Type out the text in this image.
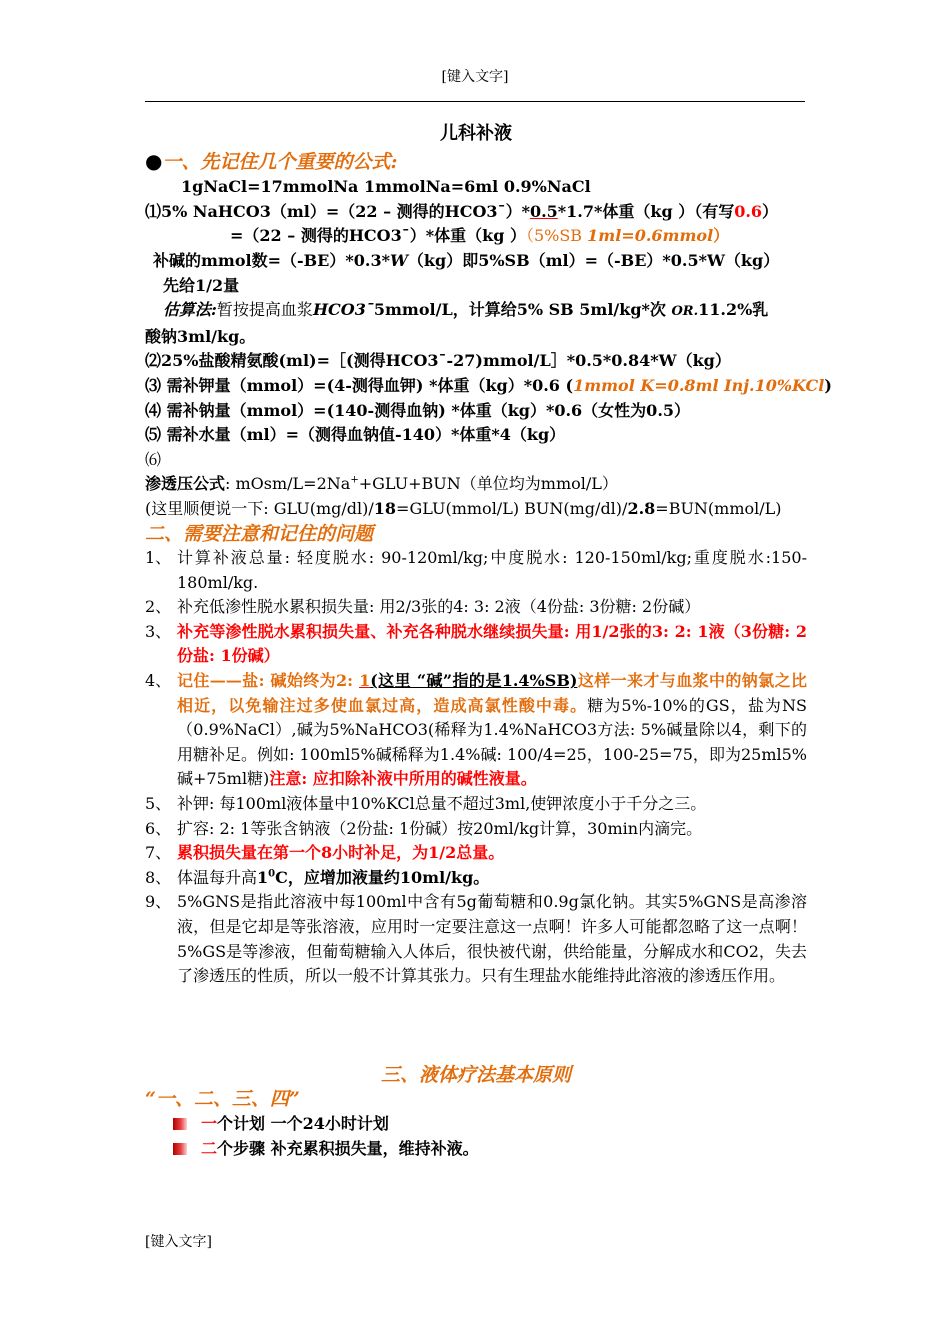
[键入文字]
儿科补液
●一、先记住几个重要的公式:
1gNaCl=17mmolNa 1mmolNa=6ml 0.9%NaCl
⑴5% NaHCO3（ml）=（22 – 测得的HCO3ˉ）*0.5*1.7*体重（kg ）（有写0.6）
=（22 – 测得的HCO3ˉ）*体重（kg ）（5%SB 1ml=0.6mmol）
补碱的mmol数=（-BE）*0.3*W（kg）即5%SB（ml）=（-BE）*0.5*W（kg）
先给1/2量
估算法:暂按提高血浆HCO3ˉ5mmol/L，计算给5% SB 5ml/kg*次 OR.11.2%乳
酸钠3ml/kg。
⑵25%盐酸精氨酸(ml)=［(测得HCO3ˉ-27)mmol/L］*0.5*0.84*W（kg）
⑶ 需补钾量（mmol）=(4-测得血钾) *体重（kg）*0.6 (1mmol K=0.8ml Inj.10%KCl)
⑷ 需补钠量（mmol）=(140-测得血钠) *体重（kg）*0.6（女性为0.5）
⑸ 需补水量（ml）=（测得血钠值-140）*体重*4（kg）
⑹
渗透压公式: mOsm/L=2Na++GLU+BUN（单位均为mmol/L）
(这里顺便说一下: GLU(mg/dl)/18=GLU(mmol/L) BUN(mg/dl)/2.8=BUN(mmol/L)
二、需要注意和记住的问题
1、 计算补液总量: 轻度脱水: 90-120ml/kg;中度脱水: 120-150ml/kg;重度脱水:150- 180ml/kg.
2、 补充低渗性脱水累积损失量: 用2/3张的4: 3: 2液（4份盐: 3份糖: 2份碱）
3、 补充等渗性脱水累积损失量、补充各种脱水继续损失量: 用1/2张的3: 2: 1液（3份糖: 2份盐: 1份碱）
4、 记住——盐: 碱始终为2: 1(这里 “碱”指的是1.4%SB)这样一来才与血浆中的钠氯之比相近，以免输注过多使血氯过高，造成高氯性酸中毒。糖为5%-10%的GS，盐为NS（0.9%NaCl）,碱为5%NaHCO3(稀释为1.4%NaHCO3方法: 5%碱量除以4，剩下的用糖补足。例如: 100ml5%碱稀释为1.4%碱: 100/4=25，100-25=75，即为25ml5%碱+75ml糖)注意: 应扣除补液中所用的碱性液量。
5、 补钾: 每100ml液体量中10%KCl总量不超过3ml,使钾浓度小于千分之三。
6、 扩容: 2: 1等张含钠液（2份盐: 1份碱）按20ml/kg计算，30min内滴完。
7、 累积损失量在第一个8小时补足，为1/2总量。
8、 体温每升高$1^0C$，应增加液量约10ml/kg。
9、 5%GNS是指此溶液中每100ml中含有5g葡萄糖和0.9g氯化钠。其实5%GNS是高渗溶液，但是它却是等张溶液，应用时一定要注意这一点啊！许多人可能都忽略了这一点啊！5%GS是等渗液，但葡萄糖输入人体后，很快被代谢，供给能量，分解成水和CO2，失去了渗透压的性质，所以一般不计算其张力。只有生理盐水能维持此溶液的渗透压作用。
三、液体疗法基本原则
“一、二、三、四”
一个计划 一个24小时计划
二个步骤 补充累积损失量，维持补液。
[键入文字]
